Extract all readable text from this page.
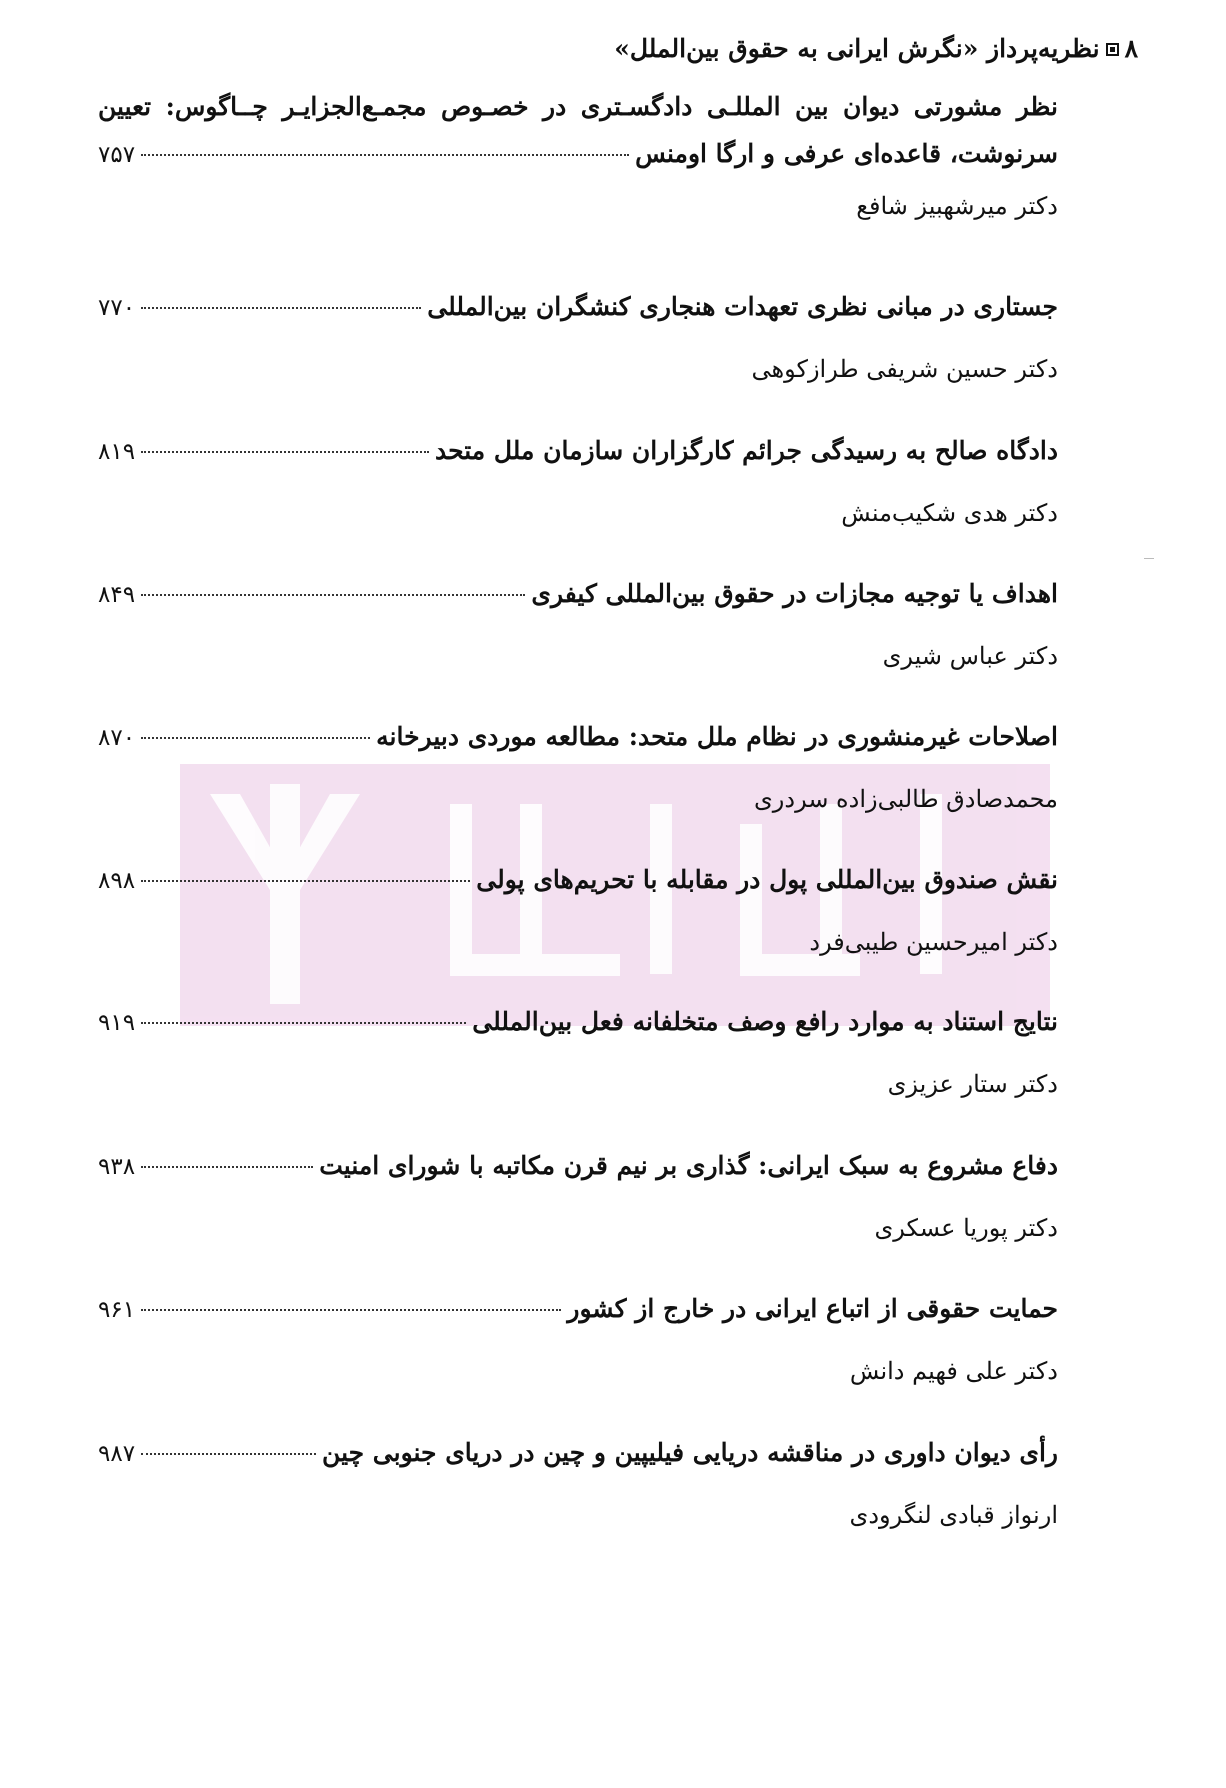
۸نظریه‌پرداز «نگرش ایرانی به حقوق بین‌الملل»
نظر مشورتی دیوان بین المللـی دادگسـتری در خصـوص مجمـع‌الجزایـر چــاگوس: تعیین
سرنوشت، قاعده‌ای عرفی و ارگا اومنس
۷۵۷
دکتر میرشهبیز شافع
جستاری در مبانی نظری تعهدات هنجاری کنشگران بین‌المللی
۷۷۰
دکتر حسین شریفی طرازکوهی
دادگاه صالح به رسیدگی جرائم کارگزاران سازمان ملل متحد
۸۱۹
دکتر هدی شکیب‌منش
اهداف یا توجیه مجازات در حقوق بین‌المللی کیفری
۸۴۹
دکتر عباس شیری
اصلاحات غیرمنشوری در نظام ملل متحد: مطالعه موردی دبیرخانه
۸۷۰
محمدصادق طالبی‌زاده سردری
نقش صندوق بین‌المللی پول در مقابله با تحریم‌های پولی
۸۹۸
دکتر امیرحسین طیبی‌فرد
نتایج استناد به موارد رافع وصف متخلفانه فعل بین‌المللی
۹۱۹
دکتر ستار عزیزی
دفاع مشروع به سبک ایرانی: گذاری بر نیم قرن مکاتبه با شورای امنیت
۹۳۸
دکتر پوریا عسکری
حمایت حقوقی از اتباع ایرانی در خارج از کشور
۹۶۱
دکتر علی فهیم دانش
رأی دیوان داوری در مناقشه دریایی فیلیپین و چین در دریای جنوبی چین
۹۸۷
ارنواز قبادی لنگرودی
